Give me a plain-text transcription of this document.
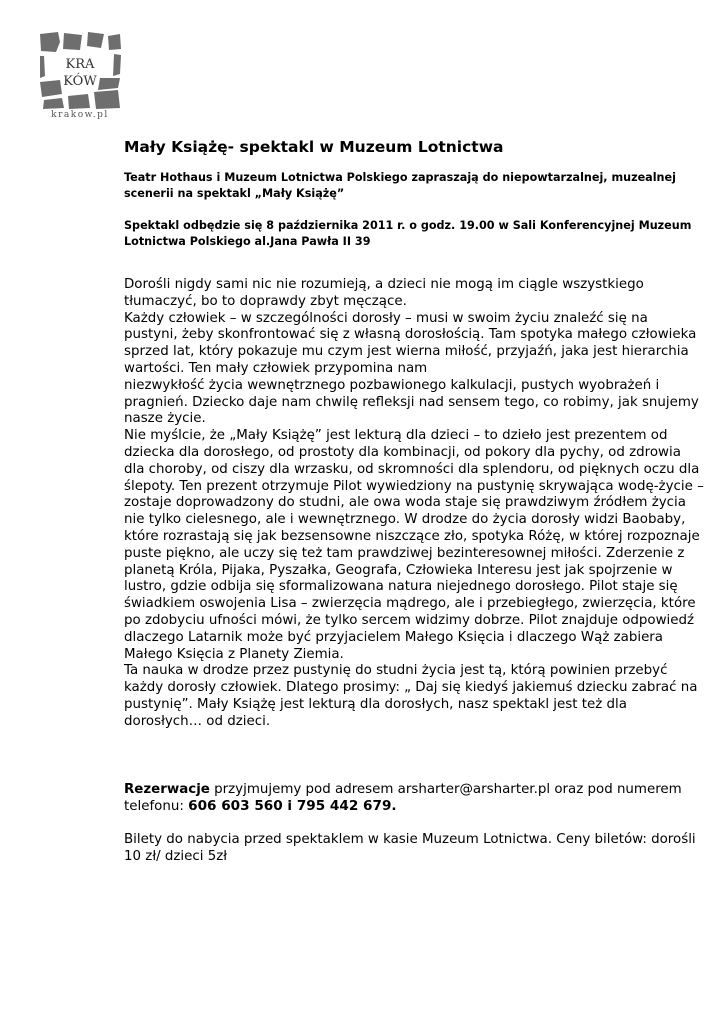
KRA
KÓW
krakow.pl
Mały Książę- spektakl w Muzeum Lotnictwa

Teatr Hothaus i Muzeum Lotnictwa Polskiego zapraszają do niepowtarzalnej, muzealnej scenerii na spektakl „Mały Książę”

Spektakl odbędzie się 8 października 2011 r. o godz. 19.00 w Sali Konferencyjnej Muzeum Lotnictwa Polskiego al.Jana Pawła II 39

Dorośli nigdy sami nic nie rozumieją, a dzieci nie mogą im ciągle wszystkiego tłumaczyć, bo to doprawdy zbyt męczące.

Każdy człowiek – w szczególności dorosły – musi w swoim życiu znaleźć się na pustyni, żeby skonfrontować się z własną dorosłością. Tam spotyka małego człowieka sprzed lat, który pokazuje mu czym jest wierna miłość, przyjaźń, jaka jest hierarchia wartości. Ten mały człowiek przypomina nam

niezwykłość życia wewnętrznego pozbawionego kalkulacji, pustych wyobrażeń i pragnień. Dziecko daje nam chwilę refleksji nad sensem tego, co robimy, jak snujemy nasze życie.

Nie myślcie, że „Mały Książę” jest lekturą dla dzieci – to dzieło jest prezentem od dziecka dla dorosłego, od prostoty dla kombinacji, od pokory dla pychy, od zdrowia dla choroby, od ciszy dla wrzasku, od skromności dla splendoru, od pięknych oczu dla ślepoty. Ten prezent otrzymuje Pilot wywiedziony na pustynię skrywająca wodę-życie – zostaje doprowadzony do studni, ale owa woda staje się prawdziwym źródłem życia nie tylko cielesnego, ale i wewnętrznego. W drodze do życia dorosły widzi Baobaby, które rozrastają się jak bezsensowne niszczące zło, spotyka Różę, w której rozpoznaje puste piękno, ale uczy się też tam prawdziwej bezinteresownej miłości. Zderzenie z planetą Króla, Pijaka, Pyszałka, Geografa, Człowieka Interesu jest jak spojrzenie w lustro, gdzie odbija się sformalizowana natura niejednego dorosłego. Pilot staje się świadkiem oswojenia Lisa – zwierzęcia mądrego, ale i przebiegłego, zwierzęcia, które po zdobyciu ufności mówi, że tylko sercem widzimy dobrze. Pilot znajduje odpowiedź dlaczego Latarnik może być przyjacielem Małego Księcia i dlaczego Wąż zabiera Małego Księcia z Planety Ziemia.

Ta nauka w drodze przez pustynię do studni życia jest tą, którą powinien przebyć każdy dorosły człowiek. Dlatego prosimy: „ Daj się kiedyś jakiemuś dziecku zabrać na pustynię”. Mały Książę jest lekturą dla dorosłych, nasz spektakl jest też dla dorosłych… od dzieci.

Rezerwacje przyjmujemy pod adresem arsharter@arsharter.pl oraz pod numerem telefonu: 606 603 560 i 795 442 679.
Bilety do nabycia przed spektaklem w kasie Muzeum Lotnictwa. Ceny biletów: dorośli 10 zł/ dzieci 5zł
